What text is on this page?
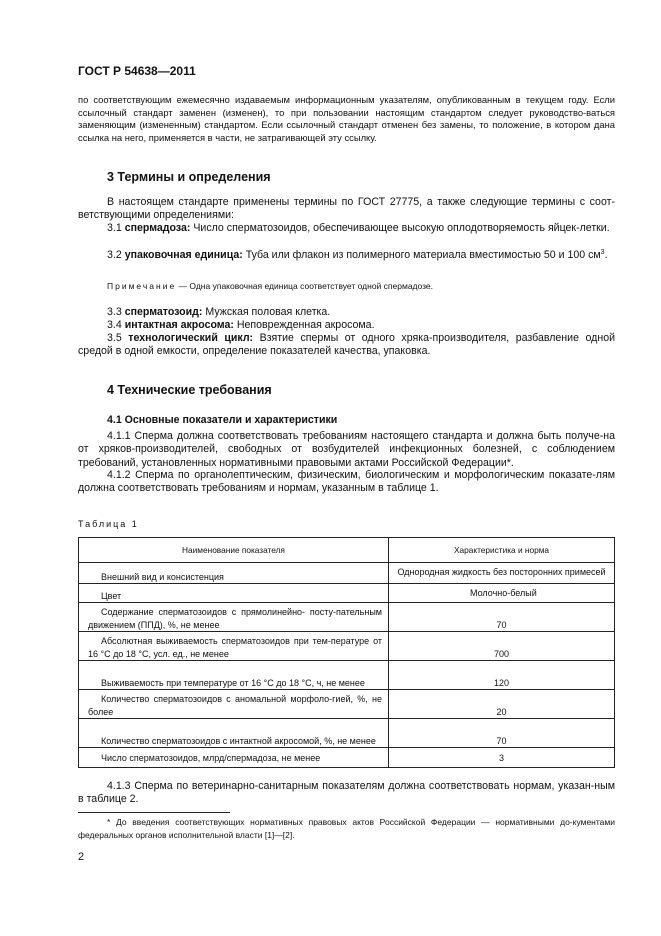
ГОСТ Р 54638—2011
по соответствующим ежемесячно издаваемым информационным указателям, опубликованным в текущем году. Если ссылочный стандарт заменен (изменен), то при пользовании настоящим стандартом следует руководство-ваться заменяющим (измененным) стандартом. Если ссылочный стандарт отменен без замены, то положение, в котором дана ссылка на него, применяется в части, не затрагивающей эту ссылку.
3 Термины и определения
В настоящем стандарте применены термины по ГОСТ 27775, а также следующие термины с соот-ветствующими определениями:
3.1 спермадоза: Число сперматозоидов, обеспечивающее высокую оплодотворяемость яйцек-летки.
3.2 упаковочная единица: Туба или флакон из полимерного материала вместимостью 50 и 100 $см^3$.
Примечание — Одна упаковочная единица соответствует одной спермадозе.
3.3 сперматозоид: Мужская половая клетка.
3.4 интактная акросома: Неповрежденная акросома.
3.5 технологический цикл: Взятие спермы от одного хряка-производителя, разбавление одной средой в одной емкости, определение показателей качества, упаковка.
4 Технические требования
4.1 Основные показатели и характеристики
4.1.1 Сперма должна соответствовать требованиям настоящего стандарта и должна быть получе-на от хряков-производителей, свободных от возбудителей инфекционных болезней, с соблюдением требований, установленных нормативными правовыми актами Российской Федерации*.
4.1.2 Сперма по органолептическим, физическим, биологическим и морфологическим показате-лям должна соответствовать требованиям и нормам, указанным в таблице 1.
Таблица 1
Наименование показателя	Характеристика и норма
Внешний вид и консистенция	Однородная жидкость без посторонних примесей
Цвет	Молочно-белый
Содержание сперматозоидов с прямолинейно- посту-пательным движением (ППД), %, не менее	70
Абсолютная выживаемость сперматозоидов при тем-пературе от 16 °С до 18 °С, усл. ед., не менее	700
Выживаемость при температуре от 16 °С до 18 °С, ч, не менее	120
Количество сперматозоидов с аномальной морфоло-гией, %, не более	20
Количество сперматозоидов с интактной акросомой, %, не менее	70
Число сперматозоидов, млрд/спермадоза, не менее	3
4.1.3 Сперма по ветеринарно-санитарным показателям должна соответствовать нормам, указан-ным в таблице 2.
* До введения соответствующих нормативных правовых актов Российской Федерации — нормативными до-кументами федеральных органов исполнительной власти [1]—[2].
2
